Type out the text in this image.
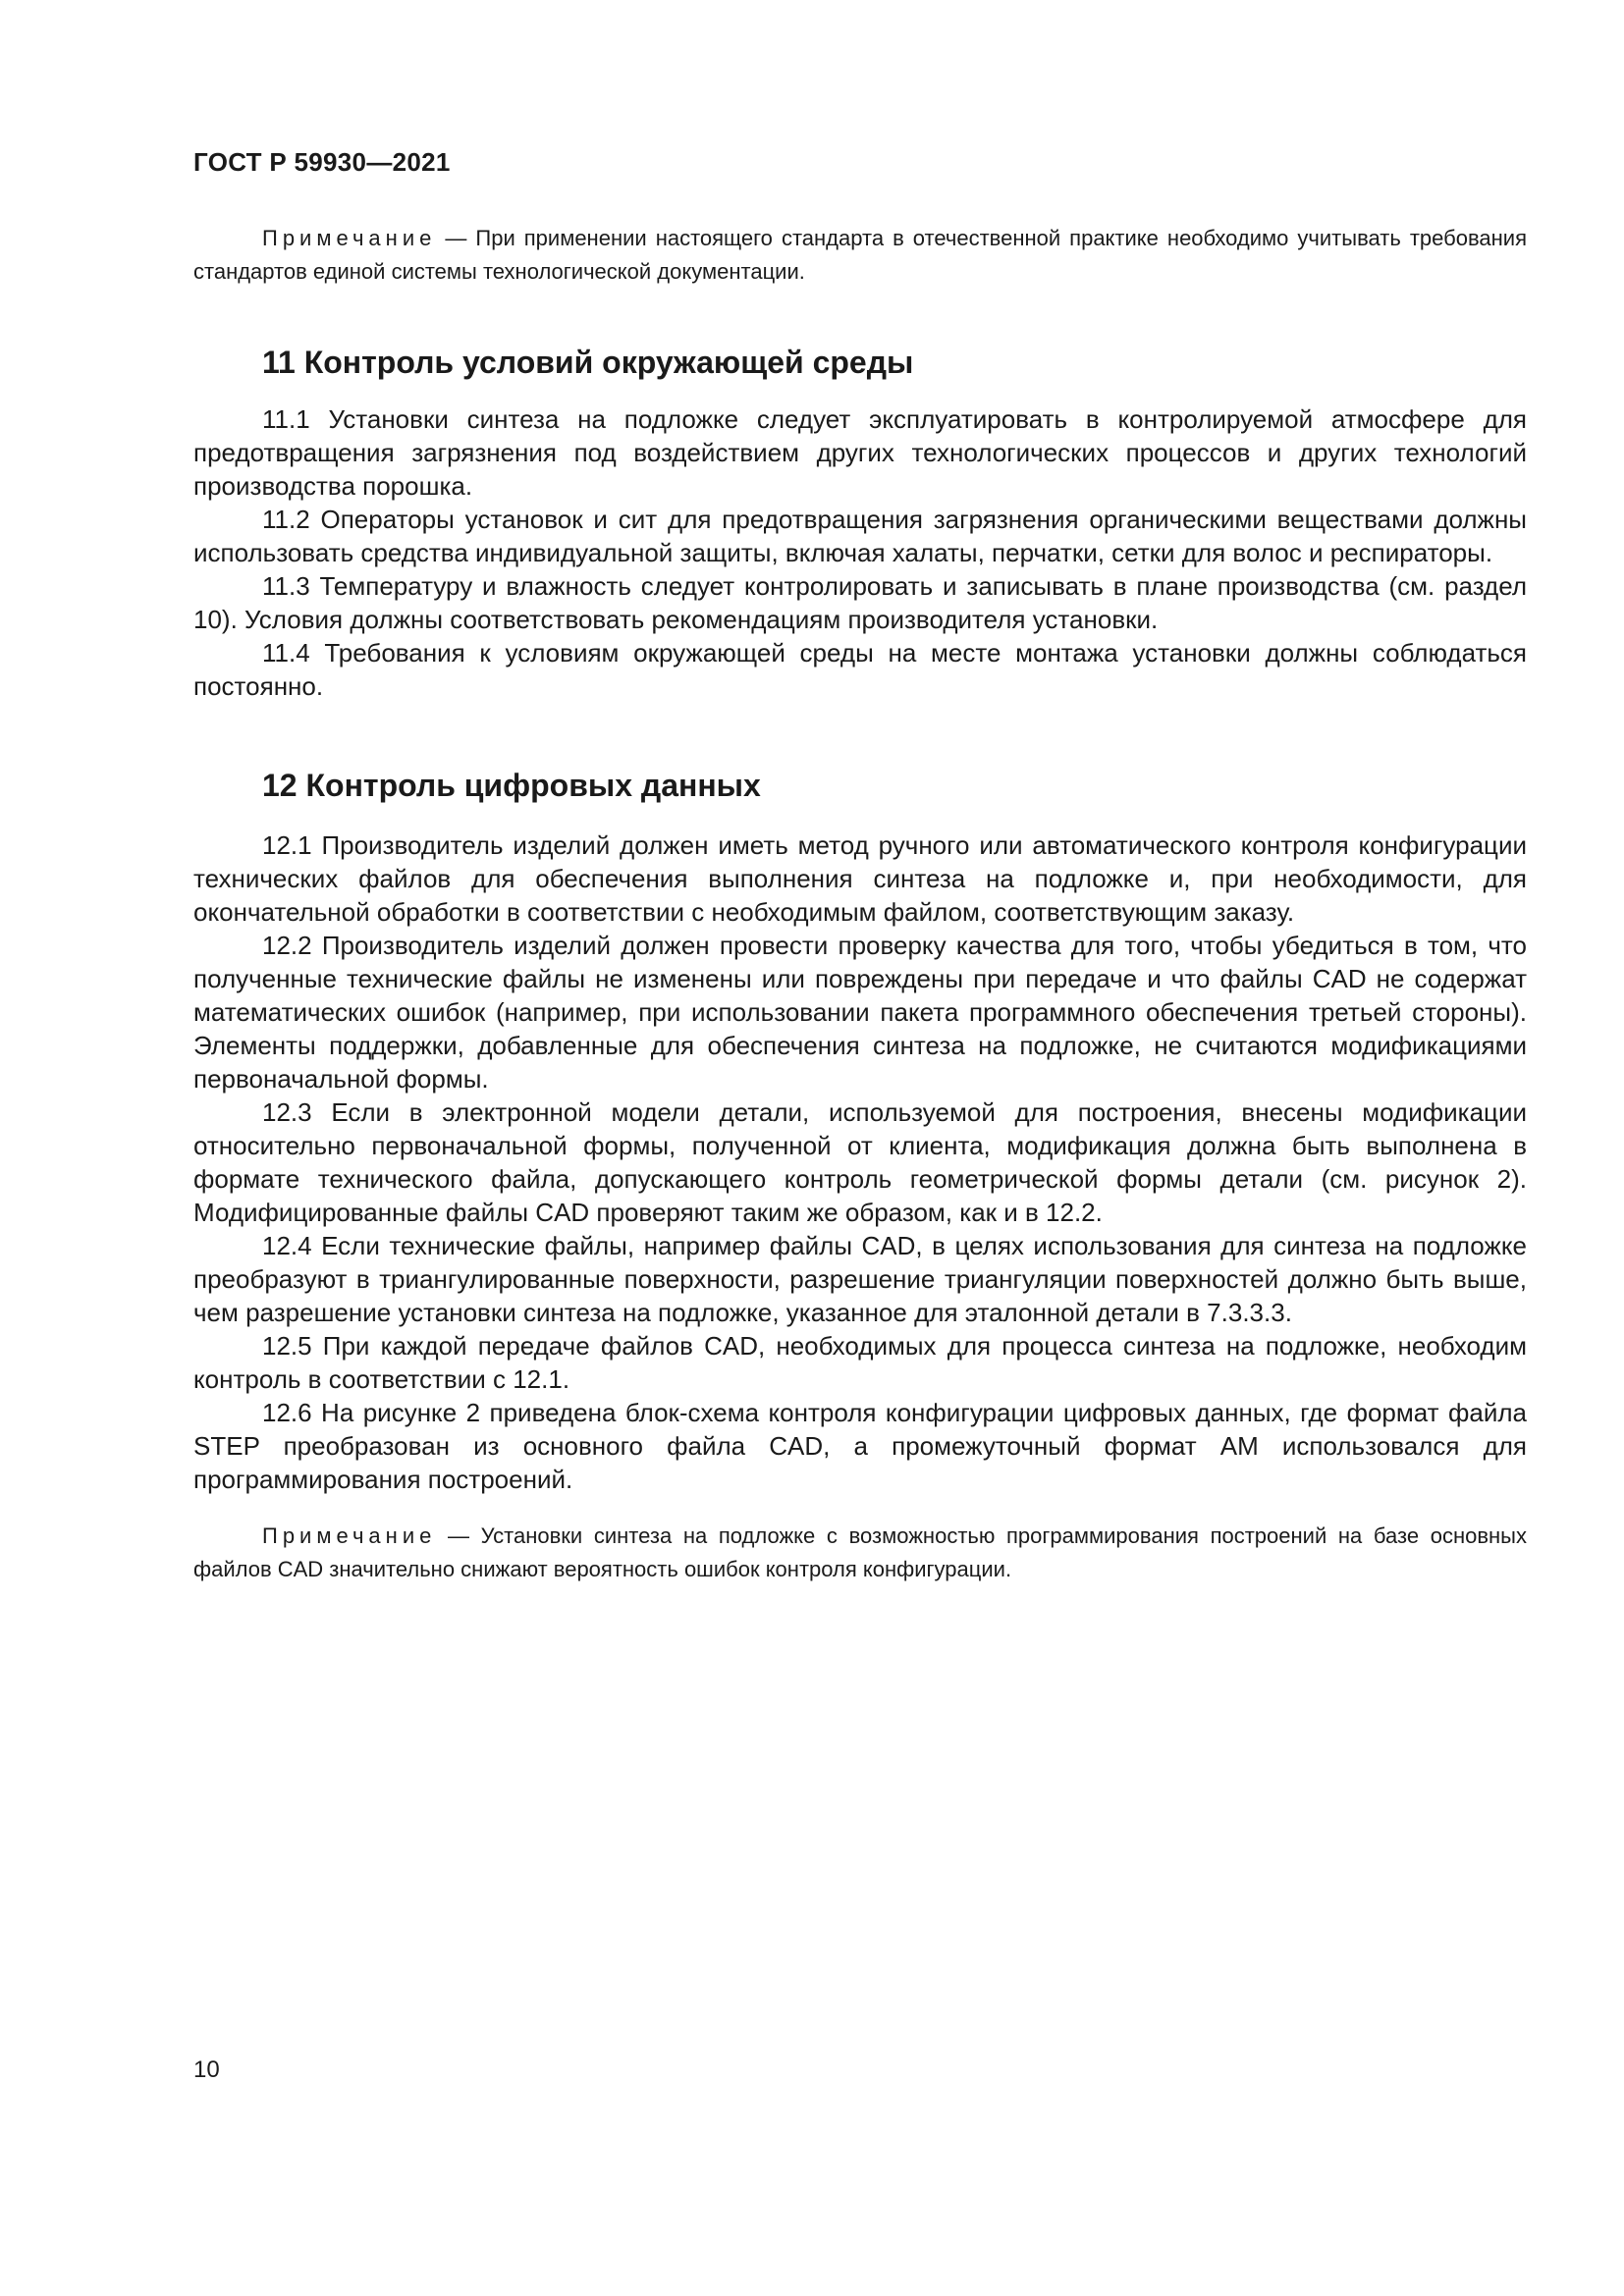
ГОСТ Р 59930—2021

Примечание — При применении настоящего стандарта в отечественной практике необходимо учитывать требования стандартов единой системы технологической документации.

11 Контроль условий окружающей среды

11.1 Установки синтеза на подложке следует эксплуатировать в контролируемой атмосфере для предотвращения загрязнения под воздействием других технологических процессов и других технологий производства порошка.

11.2 Операторы установок и сит для предотвращения загрязнения органическими веществами должны использовать средства индивидуальной защиты, включая халаты, перчатки, сетки для волос и респираторы.

11.3 Температуру и влажность следует контролировать и записывать в плане производства (см. раздел 10). Условия должны соответствовать рекомендациям производителя установки.

11.4 Требования к условиям окружающей среды на месте монтажа установки должны соблюдаться постоянно.

12 Контроль цифровых данных

12.1 Производитель изделий должен иметь метод ручного или автоматического контроля конфигурации технических файлов для обеспечения выполнения синтеза на подложке и, при необходимости, для окончательной обработки в соответствии с необходимым файлом, соответствующим заказу.

12.2 Производитель изделий должен провести проверку качества для того, чтобы убедиться в том, что полученные технические файлы не изменены или повреждены при передаче и что файлы CAD не содержат математических ошибок (например, при использовании пакета программного обеспечения третьей стороны). Элементы поддержки, добавленные для обеспечения синтеза на подложке, не считаются модификациями первоначальной формы.

12.3 Если в электронной модели детали, используемой для построения, внесены модификации относительно первоначальной формы, полученной от клиента, модификация должна быть выполнена в формате технического файла, допускающего контроль геометрической формы детали (см. рисунок 2). Модифицированные файлы CAD проверяют таким же образом, как и в 12.2.

12.4 Если технические файлы, например файлы CAD, в целях использования для синтеза на подложке преобразуют в триангулированные поверхности, разрешение триангуляции поверхностей должно быть выше, чем разрешение установки синтеза на подложке, указанное для эталонной детали в 7.3.3.3.

12.5 При каждой передаче файлов CAD, необходимых для процесса синтеза на подложке, необходим контроль в соответствии с 12.1.

12.6 На рисунке 2 приведена блок-схема контроля конфигурации цифровых данных, где формат файла STEP преобразован из основного файла CAD, а промежуточный формат AM использовался для программирования построений.

Примечание — Установки синтеза на подложке с возможностью программирования построений на базе основных файлов CAD значительно снижают вероятность ошибок контроля конфигурации.

10
